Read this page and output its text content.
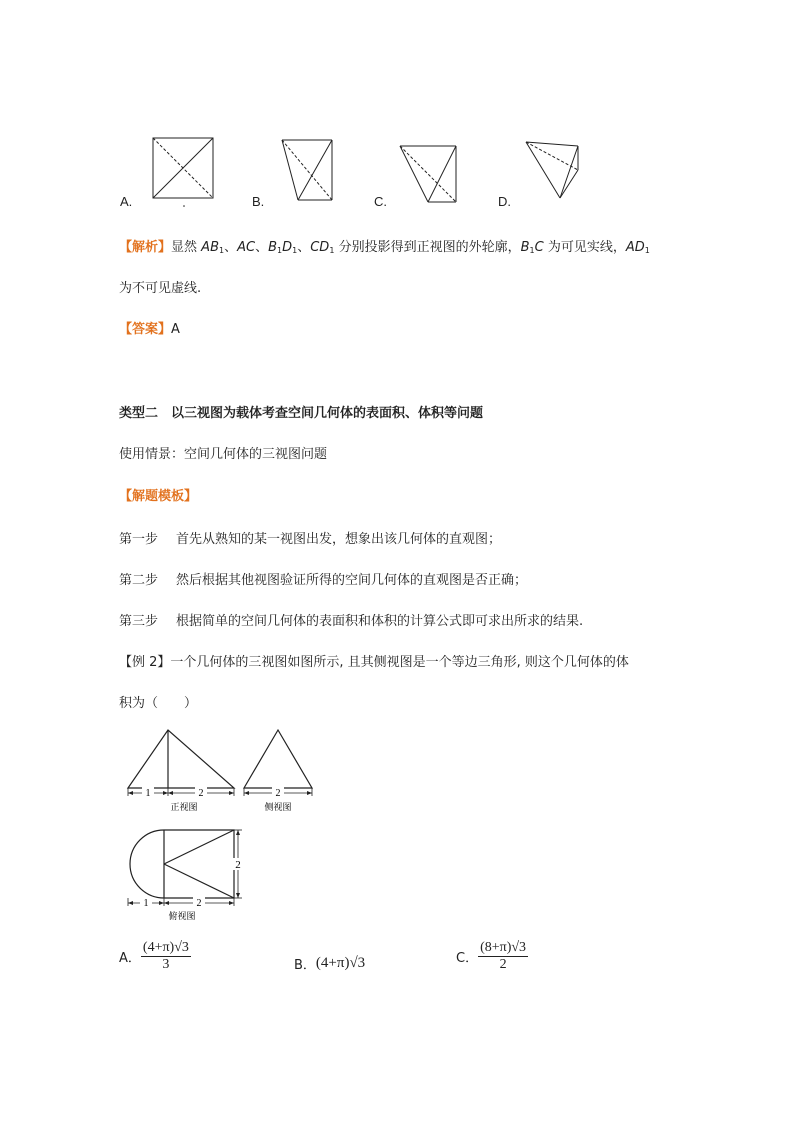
A.	B.	C.	D.
【解析】显然 $AB_1$、AC、$B_1D_1$、$CD_1$ 分别投影得到正视图的外轮廓，$B_1C$ 为可见实线，$AD_1$
为不可见虚线.
【答案】A
类型二　以三视图为载体考查空间几何体的表面积、体积等问题
使用情景：空间几何体的三视图问题
【解题模板】
第一步 首先从熟知的某一视图出发，想象出该几何体的直观图；
第二步 然后根据其他视图验证所得的空间几何体的直观图是否正确；
第三步 根据简单的空间几何体的表面积和体积的计算公式即可求出所求的结果.
【例 2】一个几何体的三视图如图所示, 且其侧视图是一个等边三角形, 则这个几何体的体
积为（　　）
1	2
正视图
2
侧视图
2
1	2
俯视图
A． $\frac{(4+\pi)√3}{3}$	B． (4+π)√3	C． $\frac{(8+\pi)√3}{2}$
